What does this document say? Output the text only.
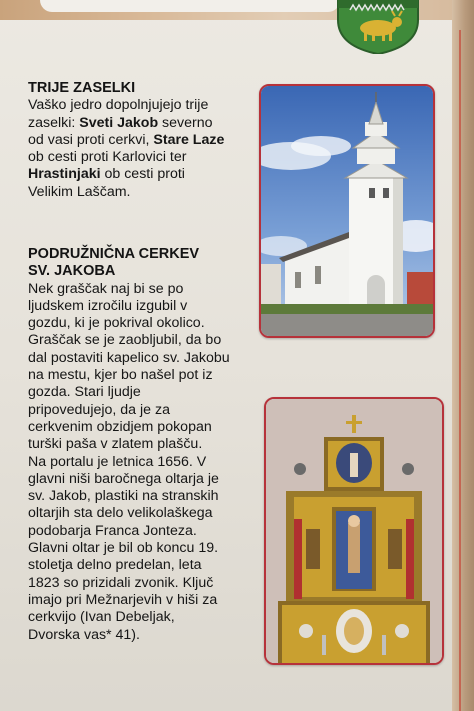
TRIJE ZASELKI
Vaško jedro dopolnjujejo trije
zaselki: Sveti Jakob severno
od vasi proti cerkvi, Stare Laze
ob cesti proti Karlovici ter
Hrastinjaki ob cesti proti
Velikim Laščam.
PODRUŽNIČNA CERKEV
SV. JAKOBA
Nek graščak naj bi se po
ljudskem izročilu izgubil v
gozdu, ki je pokrival okolico.
Graščak se je zaobljubil, da bo
dal postaviti kapelico sv. Jakobu
na mestu, kjer bo našel pot iz
gozda. Stari ljudje
pripovedujejo, da je za
cerkvenim obzidjem pokopan
turški paša v zlatem plašču.
Na portalu je letnica 1656. V
glavni niši baročnega oltarja je
sv. Jakob, plastiki na stranskih
oltarjih sta delo velikolaškega
podobarja Franca Jonteza.
Glavni oltar je bil ob koncu 19.
stoletja delno predelan, leta
1823 so prizidali zvonik. Ključ
imajo pri Mežnarjevih v hiši za
cerkvijo (Ivan Debeljak,
Dvorska vas* 41).
